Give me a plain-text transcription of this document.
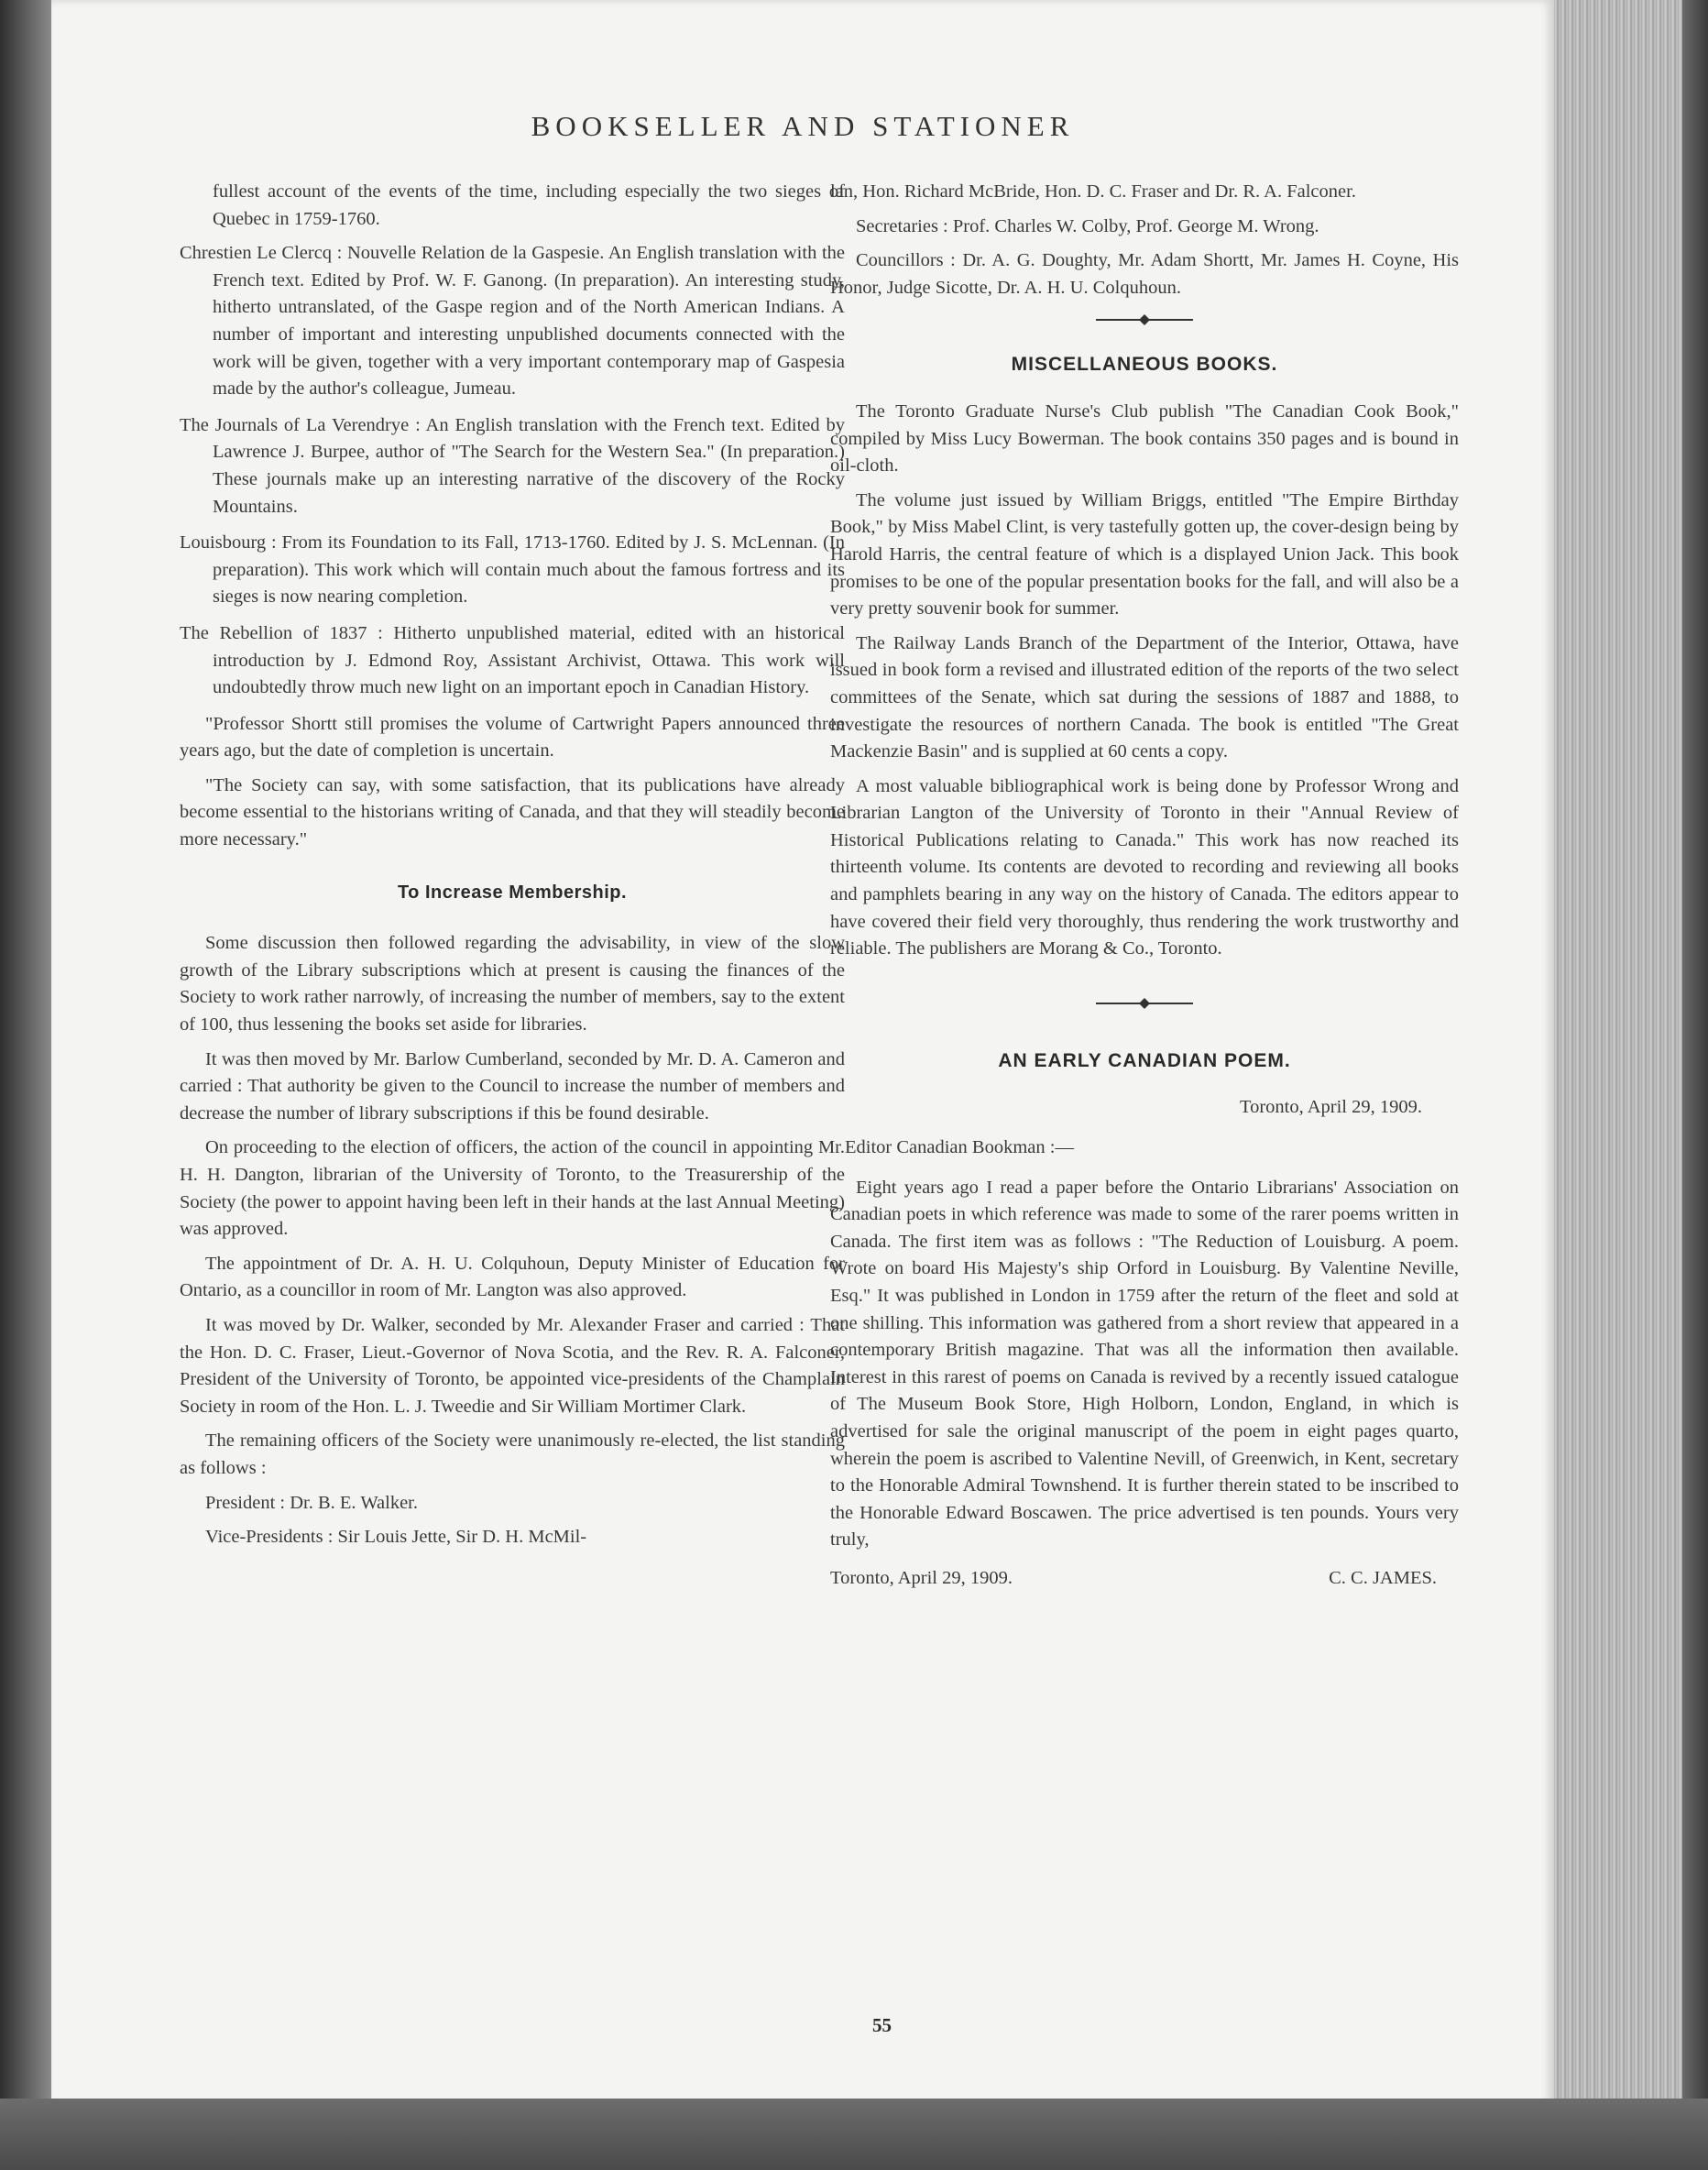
BOOKSELLER AND STATIONER

fullest account of the events of the time, including especially the two sieges of Quebec in 1759-1760.

Chrestien Le Clercq : Nouvelle Relation de la Gaspesie. An English translation with the French text. Edited by Prof. W. F. Ganong. (In preparation). An interesting study, hitherto untranslated, of the Gaspe region and of the North American Indians. A number of important and interesting unpublished documents connected with the work will be given, together with a very important contemporary map of Gaspesia made by the author's colleague, Jumeau.

The Journals of La Verendrye : An English translation with the French text. Edited by Lawrence J. Burpee, author of "The Search for the Western Sea." (In preparation.) These journals make up an interesting narrative of the discovery of the Rocky Mountains.

Louisbourg : From its Foundation to its Fall, 1713-1760. Edited by J. S. McLennan. (In preparation). This work which will contain much about the famous fortress and its sieges is now nearing completion.

The Rebellion of 1837 : Hitherto unpublished material, edited with an historical introduction by J. Edmond Roy, Assistant Archivist, Ottawa. This work will undoubtedly throw much new light on an important epoch in Canadian History.

"Professor Shortt still promises the volume of Cartwright Papers announced three years ago, but the date of completion is uncertain.

"The Society can say, with some satisfaction, that its publications have already become essential to the historians writing of Canada, and that they will steadily become more necessary."

To Increase Membership.

Some discussion then followed regarding the advisability, in view of the slow growth of the Library subscriptions which at present is causing the finances of the Society to work rather narrowly, of increasing the number of members, say to the extent of 100, thus lessening the books set aside for libraries.

It was then moved by Mr. Barlow Cumberland, seconded by Mr. D. A. Cameron and carried : That authority be given to the Council to increase the number of members and decrease the number of library subscriptions if this be found desirable.

On proceeding to the election of officers, the action of the council in appointing Mr. H. H. Dangton, librarian of the University of Toronto, to the Treasurership of the Society (the power to appoint having been left in their hands at the last Annual Meeting) was approved.

The appointment of Dr. A. H. U. Colquhoun, Deputy Minister of Education for Ontario, as a councillor in room of Mr. Langton was also approved.

It was moved by Dr. Walker, seconded by Mr. Alexander Fraser and carried : That the Hon. D. C. Fraser, Lieut.-Governor of Nova Scotia, and the Rev. R. A. Falconer, President of the University of Toronto, be appointed vice-presidents of the Champlain Society in room of the Hon. L. J. Tweedie and Sir William Mortimer Clark.

The remaining officers of the Society were unanimously re-elected, the list standing as follows :

President : Dr. B. E. Walker.

Vice-Presidents : Sir Louis Jette, Sir D. H. McMil-

lan, Hon. Richard McBride, Hon. D. C. Fraser and Dr. R. A. Falconer.

Secretaries : Prof. Charles W. Colby, Prof. George M. Wrong.

Councillors : Dr. A. G. Doughty, Mr. Adam Shortt, Mr. James H. Coyne, His Honor, Judge Sicotte, Dr. A. H. U. Colquhoun.

MISCELLANEOUS BOOKS.

The Toronto Graduate Nurse's Club publish "The Canadian Cook Book," compiled by Miss Lucy Bowerman. The book contains 350 pages and is bound in oil-cloth.

The volume just issued by William Briggs, entitled "The Empire Birthday Book," by Miss Mabel Clint, is very tastefully gotten up, the cover-design being by Harold Harris, the central feature of which is a displayed Union Jack. This book promises to be one of the popular presentation books for the fall, and will also be a very pretty souvenir book for summer.

The Railway Lands Branch of the Department of the Interior, Ottawa, have issued in book form a revised and illustrated edition of the reports of the two select committees of the Senate, which sat during the sessions of 1887 and 1888, to investigate the resources of northern Canada. The book is entitled "The Great Mackenzie Basin" and is supplied at 60 cents a copy.

A most valuable bibliographical work is being done by Professor Wrong and Librarian Langton of the University of Toronto in their "Annual Review of Historical Publications relating to Canada." This work has now reached its thirteenth volume. Its contents are devoted to recording and reviewing all books and pamphlets bearing in any way on the history of Canada. The editors appear to have covered their field very thoroughly, thus rendering the work trustworthy and reliable. The publishers are Morang & Co., Toronto.

AN EARLY CANADIAN POEM.

Toronto, April 29, 1909.

Editor Canadian Bookman :—

Eight years ago I read a paper before the Ontario Librarians' Association on Canadian poets in which reference was made to some of the rarer poems written in Canada. The first item was as follows : "The Reduction of Louisburg. A poem. Wrote on board His Majesty's ship Orford in Louisburg. By Valentine Neville, Esq." It was published in London in 1759 after the return of the fleet and sold at one shilling. This information was gathered from a short review that appeared in a contemporary British magazine. That was all the information then available. Interest in this rarest of poems on Canada is revived by a recently issued catalogue of The Museum Book Store, High Holborn, London, England, in which is advertised for sale the original manuscript of the poem in eight pages quarto, wherein the poem is ascribed to Valentine Nevill, of Greenwich, in Kent, secretary to the Honorable Admiral Townshend. It is further therein stated to be inscribed to the Honorable Edward Boscawen. The price advertised is ten pounds. Yours very truly,

Toronto, April 29, 1909.	C. C. JAMES.

55
